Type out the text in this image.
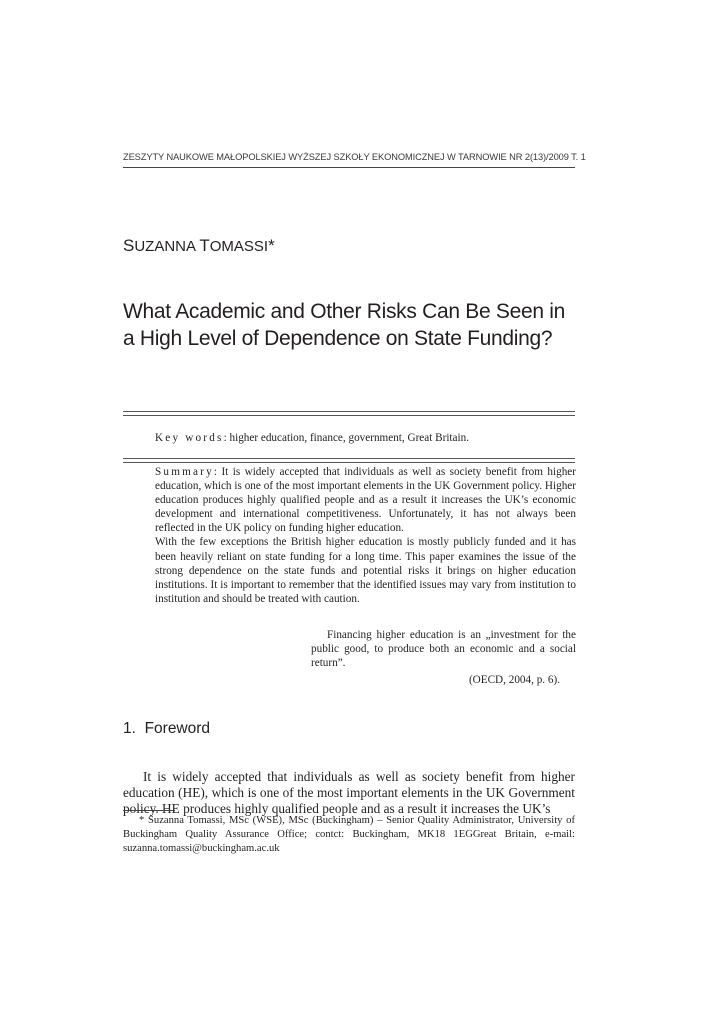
ZESZYTY NAUKOWE MAŁOPOLSKIEJ WYŻSZEJ SZKOŁY EKONOMICZNEJ W TARNOWIE NR 2(13)/2009 T. 1
SUZANNA TOMASSI*
What Academic and Other Risks Can Be Seen in
a High Level of Dependence on State Funding?
Key words: higher education, finance, government, Great Britain.

Summary: It is widely accepted that individuals as well as society benefit from higher education, which is one of the most important elements in the UK Government policy. Higher education produces highly qualified people and as a result it increases the UK’s economic development and international competitiveness. Unfortunately, it has not always been reflected in the UK policy on funding higher education.

With the few exceptions the British higher education is mostly publicly funded and it has been heavily reliant on state funding for a long time. This paper examines the issue of the strong dependence on the state funds and potential risks it brings on higher education institutions. It is important to remember that the identified issues may vary from institution to institution and should be treated with caution.

Financing higher education is an „investment for the public good, to produce both an economic and a social return”.

(OECD, 2004, p. 6).

1. Foreword

It is widely accepted that individuals as well as society benefit from higher education (HE), which is one of the most important elements in the UK Government policy. HE produces highly qualified people and as a result it increases the UK’s

* Suzanna Tomassi, MSc (WSE), MSc (Buckingham) – Senior Quality Administrator, University of Buckingham Quality Assurance Office; contct: Buckingham, MK18 1EGGreat Britain, e-mail: suzanna.tomassi@buckingham.ac.uk
